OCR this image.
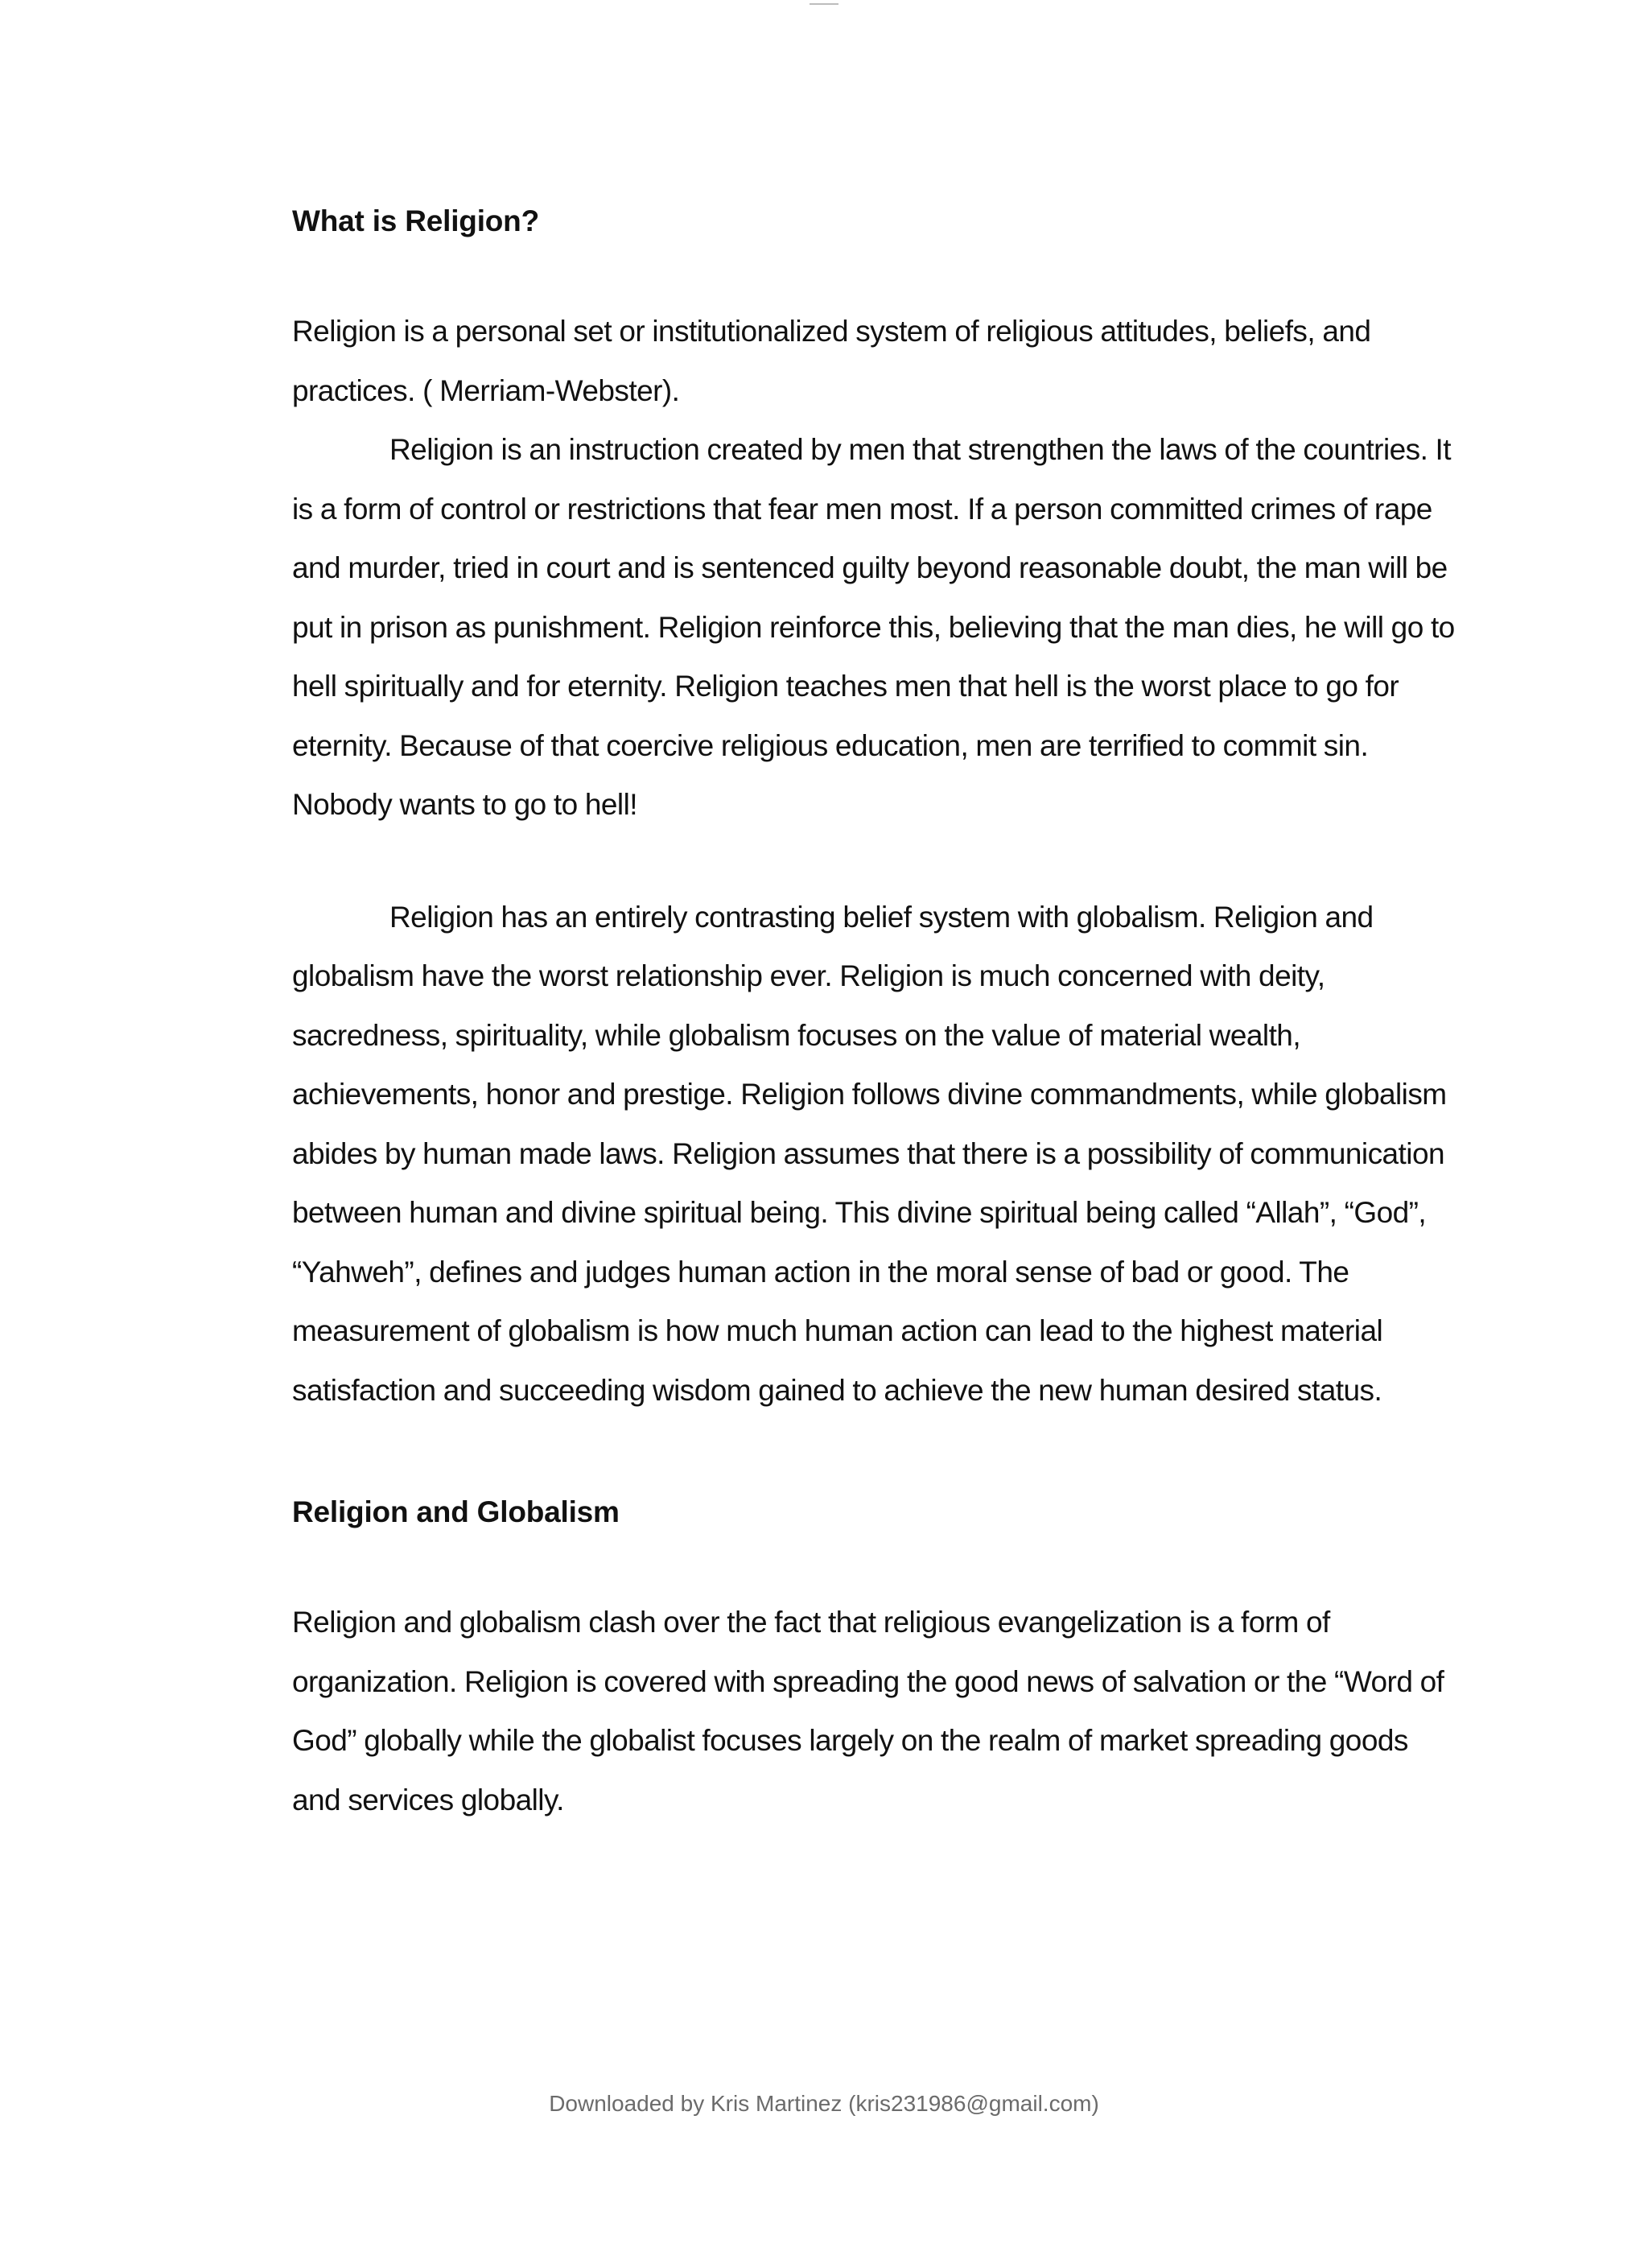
What is Religion?

Religion is a personal set or institutionalized system of religious attitudes, beliefs, and practices. ( Merriam-Webster).

Religion is an instruction created by men that strengthen the laws of the countries. It is a form of control or restrictions that fear men most. If a person committed crimes of rape and murder, tried in court and is sentenced guilty beyond reasonable doubt, the man will be put in prison as punishment. Religion reinforce this, believing that the man dies, he will go to hell spiritually and for eternity. Religion teaches men that hell is the worst place to go for eternity. Because of that coercive religious education, men are terrified to commit sin. Nobody wants to go to hell!

Religion has an entirely contrasting belief system with globalism. Religion and globalism have the worst relationship ever. Religion is much concerned with deity, sacredness, spirituality, while globalism focuses on the value of material wealth, achievements, honor and prestige. Religion follows divine commandments, while globalism abides by human made laws. Religion assumes that there is a possibility of communication between human and divine spiritual being. This divine spiritual being called “Allah”, “God”, “Yahweh”, defines and judges human action in the moral sense of bad or good. The measurement of globalism is how much human action can lead to the highest material satisfaction and succeeding wisdom gained to achieve the new human desired status.

Religion and Globalism

Religion and globalism clash over the fact that religious evangelization is a form of organization. Religion is covered with spreading the good news of salvation or the “Word of God” globally while the globalist focuses largely on the realm of market spreading goods and services globally.

Downloaded by Kris Martinez (kris231986@gmail.com)
